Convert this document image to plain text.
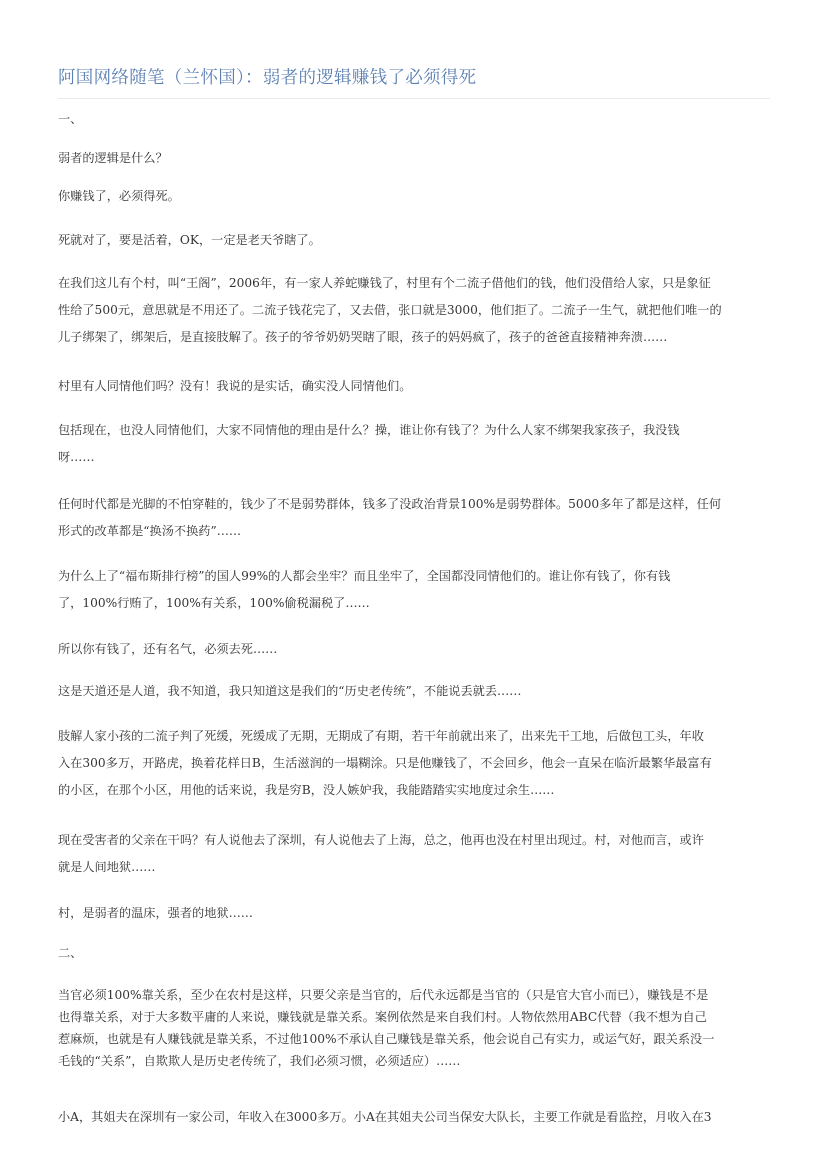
阿国网络随笔（兰怀国）：弱者的逻辑赚钱了必须得死
一、
弱者的逻辑是什么？
你赚钱了，必须得死。
死就对了，要是活着，OK，一定是老天爷瞎了。
在我们这儿有个村，叫“王阁”，2006年，有一家人养蛇赚钱了，村里有个二流子借他们的钱，他们没借给人家，只是象征
性给了500元，意思就是不用还了。二流子钱花完了，又去借，张口就是3000，他们拒了。二流子一生气，就把他们唯一的
儿子绑架了，绑架后，是直接肢解了。孩子的爷爷奶奶哭瞎了眼，孩子的妈妈疯了，孩子的爸爸直接精神奔溃……
村里有人同情他们吗？没有！我说的是实话，确实没人同情他们。
包括现在，也没人同情他们，大家不同情他的理由是什么？操，谁让你有钱了？为什么人家不绑架我家孩子，我没钱
呀……
任何时代都是光脚的不怕穿鞋的，钱少了不是弱势群体，钱多了没政治背景100%是弱势群体。5000多年了都是这样，任何
形式的改革都是“换汤不换药”……
为什么上了“福布斯排行榜”的国人99%的人都会坐牢？而且坐牢了，全国都没同情他们的。谁让你有钱了，你有钱
了，100%行贿了，100%有关系，100%偷税漏税了……
所以你有钱了，还有名气，必须去死……
这是天道还是人道，我不知道，我只知道这是我们的“历史老传统”，不能说丢就丢……
肢解人家小孩的二流子判了死缓，死缓成了无期，无期成了有期，若干年前就出来了，出来先干工地，后做包工头，年收
入在300多万，开路虎，换着花样日B，生活滋润的一塌糊涂。只是他赚钱了，不会回乡，他会一直呆在临沂最繁华最富有
的小区，在那个小区，用他的话来说，我是穷B，没人嫉妒我，我能踏踏实实地度过余生……
现在受害者的父亲在干吗？有人说他去了深圳，有人说他去了上海，总之，他再也没在村里出现过。村，对他而言，或许
就是人间地狱……
村，是弱者的温床，强者的地狱……
二、
当官必须100%靠关系，至少在农村是这样，只要父亲是当官的，后代永远都是当官的（只是官大官小而已），赚钱是不是
也得靠关系，对于大多数平庸的人来说，赚钱就是靠关系。案例依然是来自我们村。人物依然用ABC代替（我不想为自己
惹麻烦，也就是有人赚钱就是靠关系，不过他100%不承认自己赚钱是靠关系，他会说自己有实力，或运气好，跟关系没一
毛钱的“关系”，自欺欺人是历史老传统了，我们必须习惯，必须适应）……
小A，其姐夫在深圳有一家公司，年收入在3000多万。小A在其姐夫公司当保安大队长，主要工作就是看监控，月收入在3
